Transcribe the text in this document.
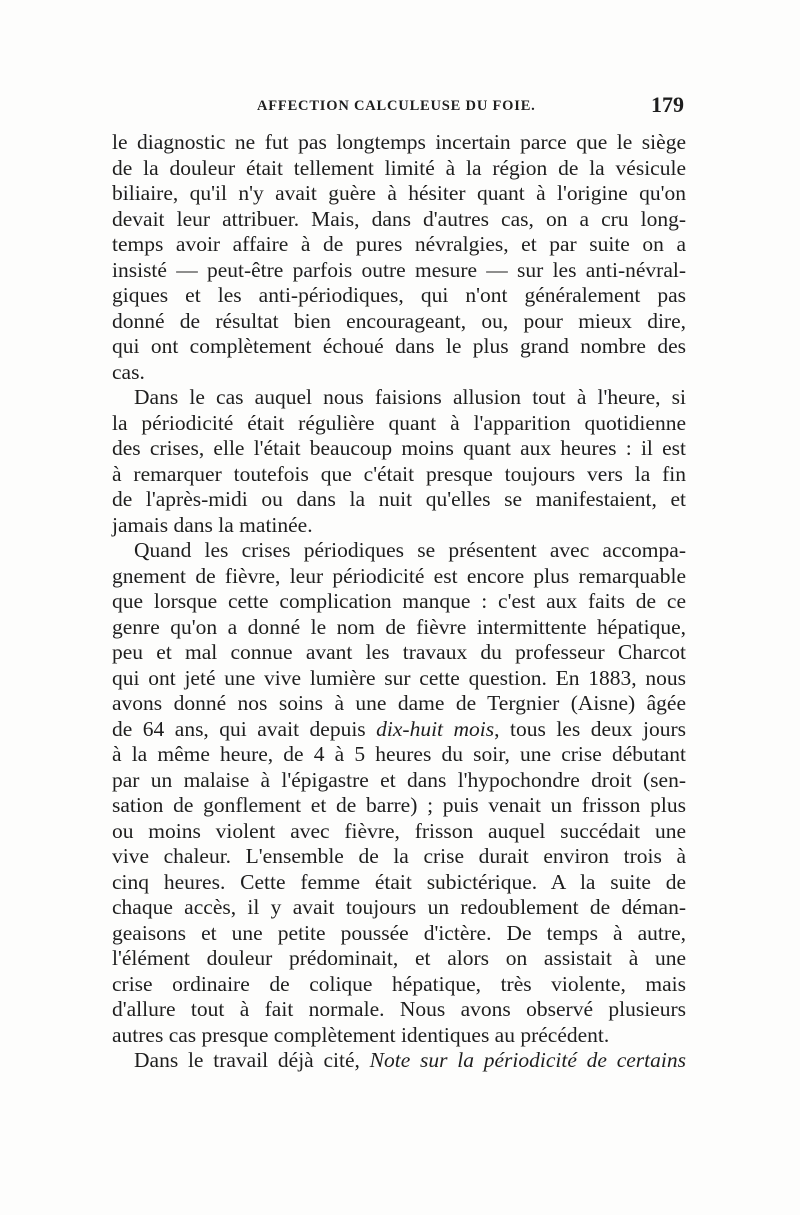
AFFECTION CALCULEUSE DU FOIE.	179
le diagnostic ne fut pas longtemps incertain parce que le siège
de la douleur était tellement limité à la région de la vésicule
biliaire, qu'il n'y avait guère à hésiter quant à l'origine qu'on
devait leur attribuer. Mais, dans d'autres cas, on a cru long-
temps avoir affaire à de pures névralgies, et par suite on a
insisté — peut-être parfois outre mesure — sur les anti-névral-
giques et les anti-périodiques, qui n'ont généralement pas
donné de résultat bien encourageant, ou, pour mieux dire,
qui ont complètement échoué dans le plus grand nombre des
cas.
Dans le cas auquel nous faisions allusion tout à l'heure, si
la périodicité était régulière quant à l'apparition quotidienne
des crises, elle l'était beaucoup moins quant aux heures : il est
à remarquer toutefois que c'était presque toujours vers la fin
de l'après-midi ou dans la nuit qu'elles se manifestaient, et
jamais dans la matinée.
Quand les crises périodiques se présentent avec accompa-
gnement de fièvre, leur périodicité est encore plus remarquable
que lorsque cette complication manque : c'est aux faits de ce
genre qu'on a donné le nom de fièvre intermittente hépatique,
peu et mal connue avant les travaux du professeur Charcot
qui ont jeté une vive lumière sur cette question. En 1883, nous
avons donné nos soins à une dame de Tergnier (Aisne) âgée
de 64 ans, qui avait depuis dix-huit mois, tous les deux jours
à la même heure, de 4 à 5 heures du soir, une crise débutant
par un malaise à l'épigastre et dans l'hypochondre droit (sen-
sation de gonflement et de barre) ; puis venait un frisson plus
ou moins violent avec fièvre, frisson auquel succédait une
vive chaleur. L'ensemble de la crise durait environ trois à
cinq heures. Cette femme était subictérique. A la suite de
chaque accès, il y avait toujours un redoublement de déman-
geaisons et une petite poussée d'ictère. De temps à autre,
l'élément douleur prédominait, et alors on assistait à une
crise ordinaire de colique hépatique, très violente, mais
d'allure tout à fait normale. Nous avons observé plusieurs
autres cas presque complètement identiques au précédent.
Dans le travail déjà cité, Note sur la périodicité de certains
